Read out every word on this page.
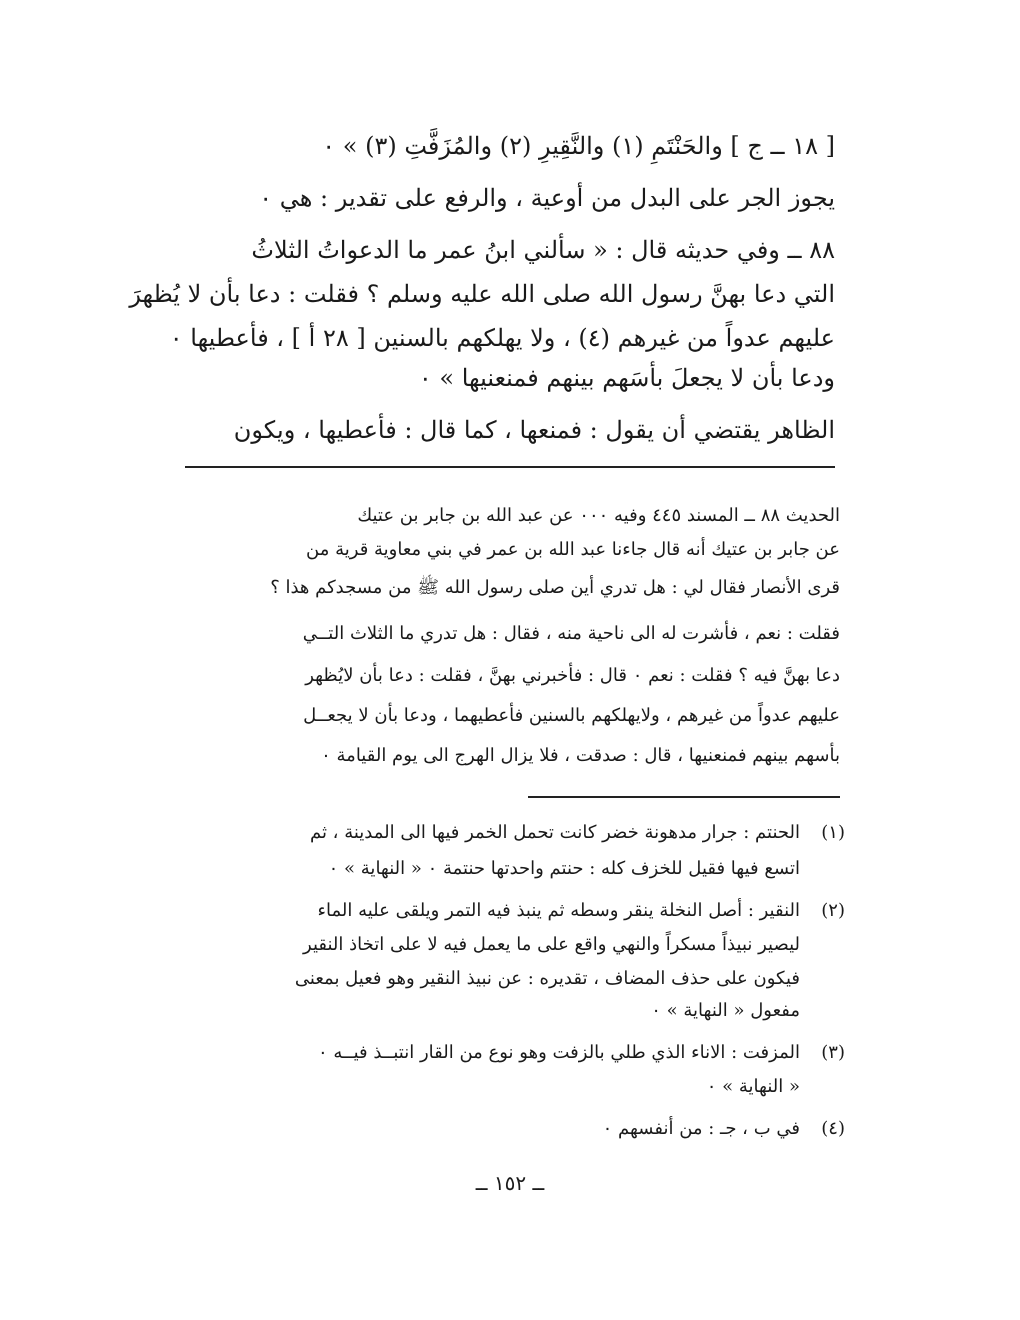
[ ١٨ ــ ج ] والحَنْتَمِ (١) والنَّقِيرِ (٢) والمُزَفَّتِ (٣) » ٠
يجوز الجر على البدل من أوعية ، والرفع على تقدير : هي ٠
٨٨ ــ وفي حديثه قال : « سألني ابنُ عمر ما الدعواتُ الثلاثُ
التي دعا بهنَّ رسول الله صلى الله عليه وسلم ؟ فقلت : دعا بأن لا يُظهرَ
عليهم عدواً من غيرهم (٤) ، ولا يهلكهم بالسنين [ ٢٨ أ ] ، فأعطيها ٠
ودعا بأن لا يجعلَ بأسَهم بينهم فمنعنيها » ٠
الظاهر يقتضي أن يقول : فمنعها ، كما قال : فأعطيها ، ويكون
الحديث ٨٨ ــ المسند ٤٤٥ وفيه ٠٠٠ عن عبد الله بن جابر بن عتيك
عن جابر بن عتيك أنه قال جاءنا عبد الله بن عمر في بني معاوية قرية من
قرى الأنصار فقال لي : هل تدري أين صلى رسول الله ﷺ من مسجدكم هذا ؟
فقلت : نعم ، فأشرت له الى ناحية منه ، فقال : هل تدري ما الثلاث التــي
دعا بهنَّ فيه ؟ فقلت : نعم ٠ قال : فأخبرني بهنَّ ، فقلت : دعا بأن لايُظهر
عليهم عدواً من غيرهم ، ولايهلكهم بالسنين فأعطيهما ، ودعا بأن لا يجعــل
بأسهم بينهم فمنعنيها ، قال : صدقت ، فلا يزال الهرج الى يوم القيامة ٠
(١)
الحنتم : جرار مدهونة خضر كانت تحمل الخمر فيها الى المدينة ، ثم
اتسع فيها فقيل للخزف كله : حنتم واحدتها حنتمة ٠ « النهاية » ٠
(٢)
النقير : أصل النخلة ينقر وسطه ثم ينبذ فيه التمر ويلقى عليه الماء
ليصير نبيذاً مسكراً والنهي واقع على ما يعمل فيه لا على اتخاذ النقير
فيكون على حذف المضاف ، تقديره : عن نبيذ النقير وهو فعيل بمعنى
مفعول « النهاية » ٠
(٣)
المزفت : الاناء الذي طلي بالزفت وهو نوع من القار انتبــذ فيــه ٠
« النهاية » ٠
(٤)
في ب ، جـ : من أنفسهم ٠
ــ ١٥٢ ــ
